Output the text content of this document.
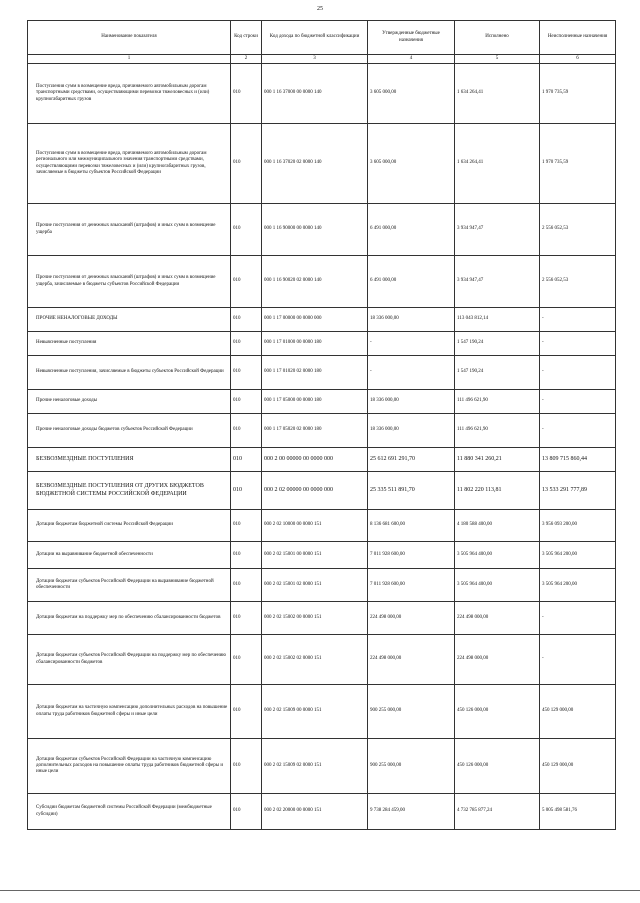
25
Наименование показателя	Код строки	Код дохода по бюджетной классификации	Утвержденные бюджетные назначения	Исполнено	Неисполненные назначения
1	2	3	4	5	6
Поступления сумм в возмещение вреда, причиняемого автомобильным дорогам транспортными средствами, осуществляющими перевозки тяжеловесных и (или) крупногабаритных грузов	010	000 1 16 37000 00 0000 140	3 605 000,00	1 634 264,41	1 970 735,59
Поступления сумм в возмещение вреда, причиняемого автомобильным дорогам регионального или межмуниципального значения транспортными средствами, осуществляющими перевозки тяжеловесных и (или) крупногабаритных грузов, зачисляемые в бюджеты субъектов Российской Федерации	010	000 1 16 37020 02 0000 140	3 605 000,00	1 634 264,41	1 970 735,59
Прочие поступления от денежных взысканий (штрафов) и иных сумм в возмещение ущерба	010	000 1 16 90000 00 0000 140	6 491 000,00	3 934 947,47	2 556 052,53
Прочие поступления от денежных взысканий (штрафов) и иных сумм в возмещение ущерба, зачисляемые в бюджеты субъектов Российской Федерации	010	000 1 16 90020 02 0000 140	6 491 000,00	3 934 947,47	2 556 052,53
ПРОЧИЕ НЕНАЛОГОВЫЕ ДОХОДЫ	010	000 1 17 00000 00 0000 000	18 336 000,00	113 043 812,14	-
Невыясненные поступления	010	000 1 17 01000 00 0000 180	-	1 547 190,24	-
Невыясненные поступления, зачисляемые в бюджеты субъектов Российской Федерации	010	000 1 17 01020 02 0000 180	-	1 547 190,24	-
Прочие неналоговые доходы	010	000 1 17 05000 00 0000 180	18 336 000,00	111 496 621,90	-
Прочие неналоговые доходы бюджетов субъектов Российской Федерации	010	000 1 17 05020 02 0000 180	18 336 000,00	111 496 621,90	-
БЕЗВОЗМЕЗДНЫЕ ПОСТУПЛЕНИЯ	010	000 2 00 00000 00 0000 000	25 612 691 291,70	11 880 341 260,21	13 809 715 860,44
БЕЗВОЗМЕЗДНЫЕ ПОСТУПЛЕНИЯ ОТ ДРУГИХ БЮДЖЕТОВ БЮДЖЕТНОЙ СИСТЕМЫ РОССИЙСКОЙ ФЕДЕРАЦИИ	010	000 2 02 00000 00 0000 000	25 335 511 891,70	11 802 220 113,81	13 533 291 777,89
Дотации бюджетам бюджетной системы Российской Федерации	010	000 2 02 10000 00 0000 151	8 136 681 600,00	4 180 588 400,00	3 956 093 200,00
Дотации на выравнивание бюджетной обеспеченности	010	000 2 02 15001 00 0000 151	7 011 928 600,00	3 505 964 400,00	3 505 964 200,00
Дотации бюджетам субъектов Российской Федерации на выравнивание бюджетной обеспеченности	010	000 2 02 15001 02 0000 151	7 011 928 600,00	3 505 964 400,00	3 505 964 200,00
Дотации бюджетам на поддержку мер по обеспечению сбалансированности бюджетов	010	000 2 02 15002 00 0000 151	224 498 000,00	224 498 000,00	-
Дотации бюджетам субъектов Российской Федерации на поддержку мер по обеспечению сбалансированности бюджетов	010	000 2 02 15002 02 0000 151	224 498 000,00	224 498 000,00	-
Дотации бюджетам на частичную компенсацию дополнительных расходов на повышение оплаты труда работников бюджетной сферы и иные цели	010	000 2 02 15009 00 0000 151	900 255 000,00	450 126 000,00	450 129 000,00
Дотации бюджетам субъектов Российской Федерации на частичную компенсацию дополнительных расходов на повышение оплаты труда работников бюджетной сферы и иные цели	010	000 2 02 15009 02 0000 151	900 255 000,00	450 126 000,00	450 129 000,00
Субсидии бюджетам бюджетной системы Российской Федерации (межбюджетные субсидии)	010	000 2 02 20000 00 0000 151	9 738 284 459,00	4 732 785 877,24	5 005 498 581,76
